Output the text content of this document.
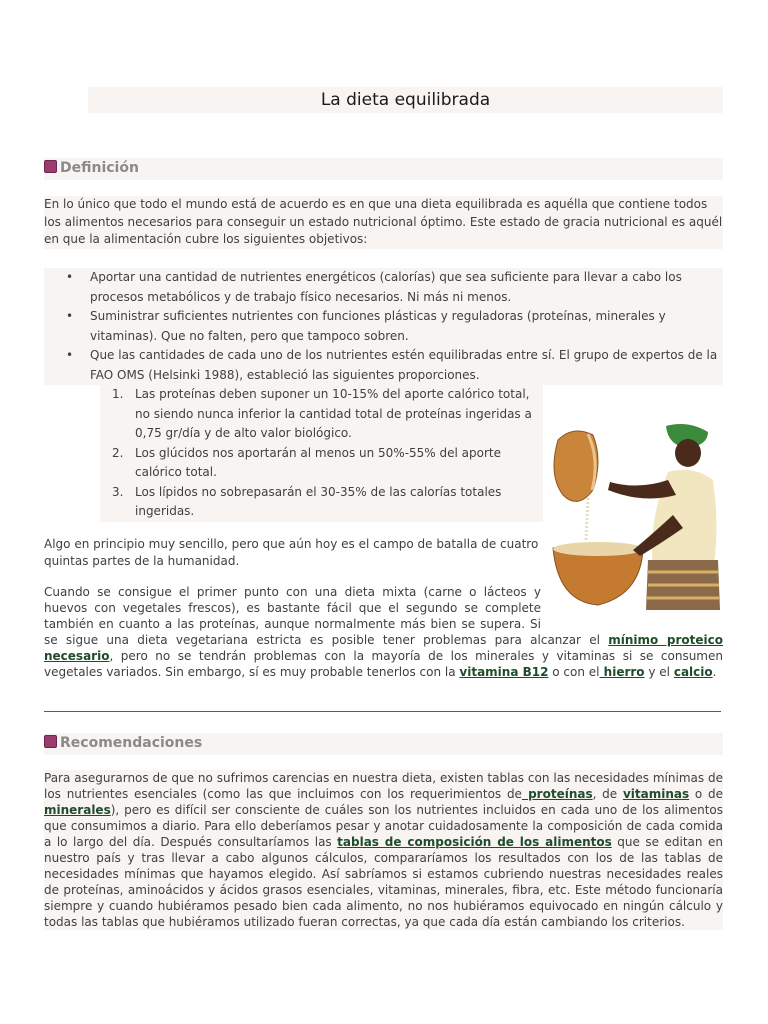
La dieta equilibrada
Definición
En lo único que todo el mundo está de acuerdo es en que una dieta equilibrada es aquélla que contiene todos los alimentos necesarios para conseguir un estado nutricional óptimo. Este estado de gracia nutricional es aquél en que la alimentación cubre los siguientes objetivos:
• Aportar una cantidad de nutrientes energéticos (calorías) que sea suficiente para llevar a cabo los procesos metabólicos y de trabajo físico necesarios. Ni más ni menos.
• Suministrar suficientes nutrientes con funciones plásticas y reguladoras (proteínas, minerales y vitaminas). Que no falten, pero que tampoco sobren.
• Que las cantidades de cada uno de los nutrientes estén equilibradas entre sí. El grupo de expertos de la FAO OMS (Helsinki 1988), estableció las siguientes proporciones.
1. Las proteínas deben suponer un 10-15% del aporte calórico total, no siendo nunca inferior la cantidad total de proteínas ingeridas a 0,75 gr/día y de alto valor biológico.
2. Los glúcidos nos aportarán al menos un 50%-55% del aporte calórico total.
3. Los lípidos no sobrepasarán el 30-35% de las calorías totales ingeridas.
Algo en principio muy sencillo, pero que aún hoy es el campo de batalla de cuatro quintas partes de la humanidad.
Cuando se consigue el primer punto con una dieta mixta (carne o lácteos y huevos con vegetales frescos), es bastante fácil que el segundo se complete también en cuanto a las proteínas, aunque normalmente más bien se supera. Si se sigue una dieta vegetariana estricta es posible tener problemas para alcanzar el mínimo proteico necesario, pero no se tendrán problemas con la mayoría de los minerales y vitaminas si se consumen vegetales variados. Sin embargo, sí es muy probable tenerlos con la vitamina B12 o con el hierro y el calcio.
Recomendaciones
Para asegurarnos de que no sufrimos carencias en nuestra dieta, existen tablas con las necesidades mínimas de los nutrientes esenciales (como las que incluimos con los requerimientos de proteínas, de vitaminas o de minerales), pero es difícil ser consciente de cuáles son los nutrientes incluidos en cada uno de los alimentos que consumimos a diario. Para ello deberíamos pesar y anotar cuidadosamente la composición de cada comida a lo largo del día. Después consultaríamos las tablas de composición de los alimentos que se editan en nuestro país y tras llevar a cabo algunos cálculos, compararíamos los resultados con los de las tablas de necesidades mínimas que hayamos elegido. Así sabríamos si estamos cubriendo nuestras necesidades reales de proteínas, aminoácidos y ácidos grasos esenciales, vitaminas, minerales, fibra, etc. Este método funcionaría siempre y cuando hubiéramos pesado bien cada alimento, no nos hubiéramos equivocado en ningún cálculo y todas las tablas que hubiéramos utilizado fueran correctas, ya que cada día están cambiando los criterios.
